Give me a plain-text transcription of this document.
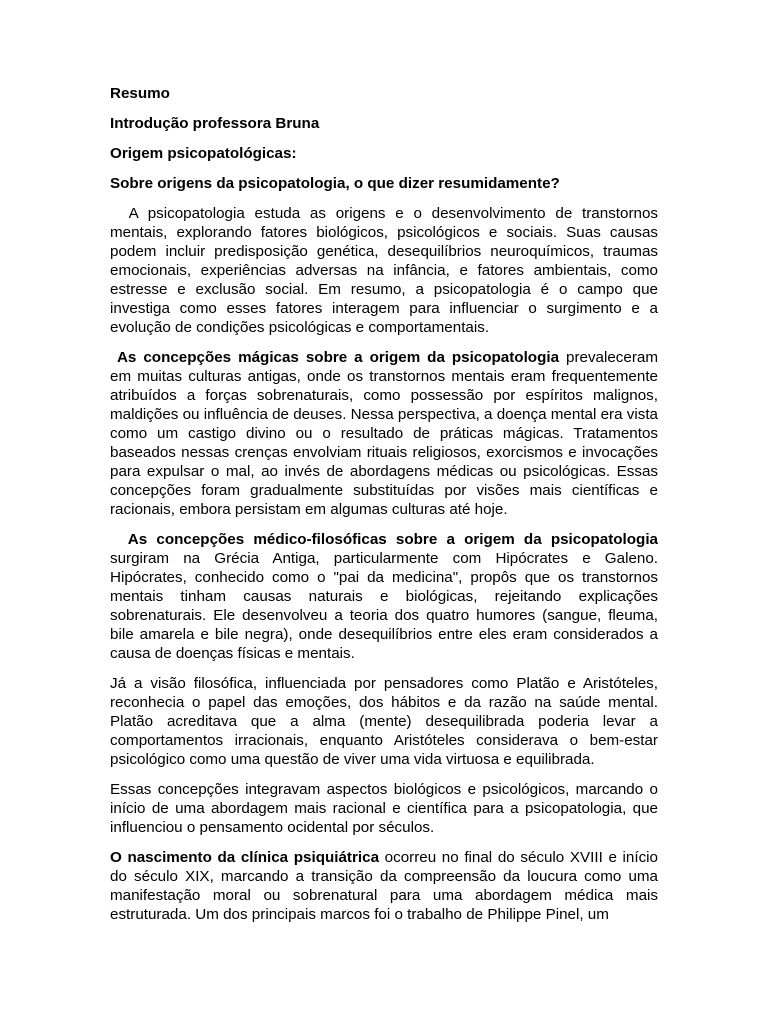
Resumo
Introdução professora Bruna
Origem psicopatológicas:
Sobre origens da psicopatologia, o que dizer resumidamente?

A psicopatologia estuda as origens e o desenvolvimento de transtornos mentais, explorando fatores biológicos, psicológicos e sociais. Suas causas podem incluir predisposição genética, desequilíbrios neuroquímicos, traumas emocionais, experiências adversas na infância, e fatores ambientais, como estresse e exclusão social. Em resumo, a psicopatologia é o campo que investiga como esses fatores interagem para influenciar o surgimento e a evolução de condições psicológicas e comportamentais.

As concepções mágicas sobre a origem da psicopatologia prevaleceram em muitas culturas antigas, onde os transtornos mentais eram frequentemente atribuídos a forças sobrenaturais, como possessão por espíritos malignos, maldições ou influência de deuses. Nessa perspectiva, a doença mental era vista como um castigo divino ou o resultado de práticas mágicas. Tratamentos baseados nessas crenças envolviam rituais religiosos, exorcismos e invocações para expulsar o mal, ao invés de abordagens médicas ou psicológicas. Essas concepções foram gradualmente substituídas por visões mais científicas e racionais, embora persistam em algumas culturas até hoje.

As concepções médico-filosóficas sobre a origem da psicopatologia surgiram na Grécia Antiga, particularmente com Hipócrates e Galeno. Hipócrates, conhecido como o "pai da medicina", propôs que os transtornos mentais tinham causas naturais e biológicas, rejeitando explicações sobrenaturais. Ele desenvolveu a teoria dos quatro humores (sangue, fleuma, bile amarela e bile negra), onde desequilíbrios entre eles eram considerados a causa de doenças físicas e mentais.

Já a visão filosófica, influenciada por pensadores como Platão e Aristóteles, reconhecia o papel das emoções, dos hábitos e da razão na saúde mental. Platão acreditava que a alma (mente) desequilibrada poderia levar a comportamentos irracionais, enquanto Aristóteles considerava o bem-estar psicológico como uma questão de viver uma vida virtuosa e equilibrada.

Essas concepções integravam aspectos biológicos e psicológicos, marcando o início de uma abordagem mais racional e científica para a psicopatologia, que influenciou o pensamento ocidental por séculos.

O nascimento da clínica psiquiátrica ocorreu no final do século XVIII e início do século XIX, marcando a transição da compreensão da loucura como uma manifestação moral ou sobrenatural para uma abordagem médica mais estruturada. Um dos principais marcos foi o trabalho de Philippe Pinel, um
